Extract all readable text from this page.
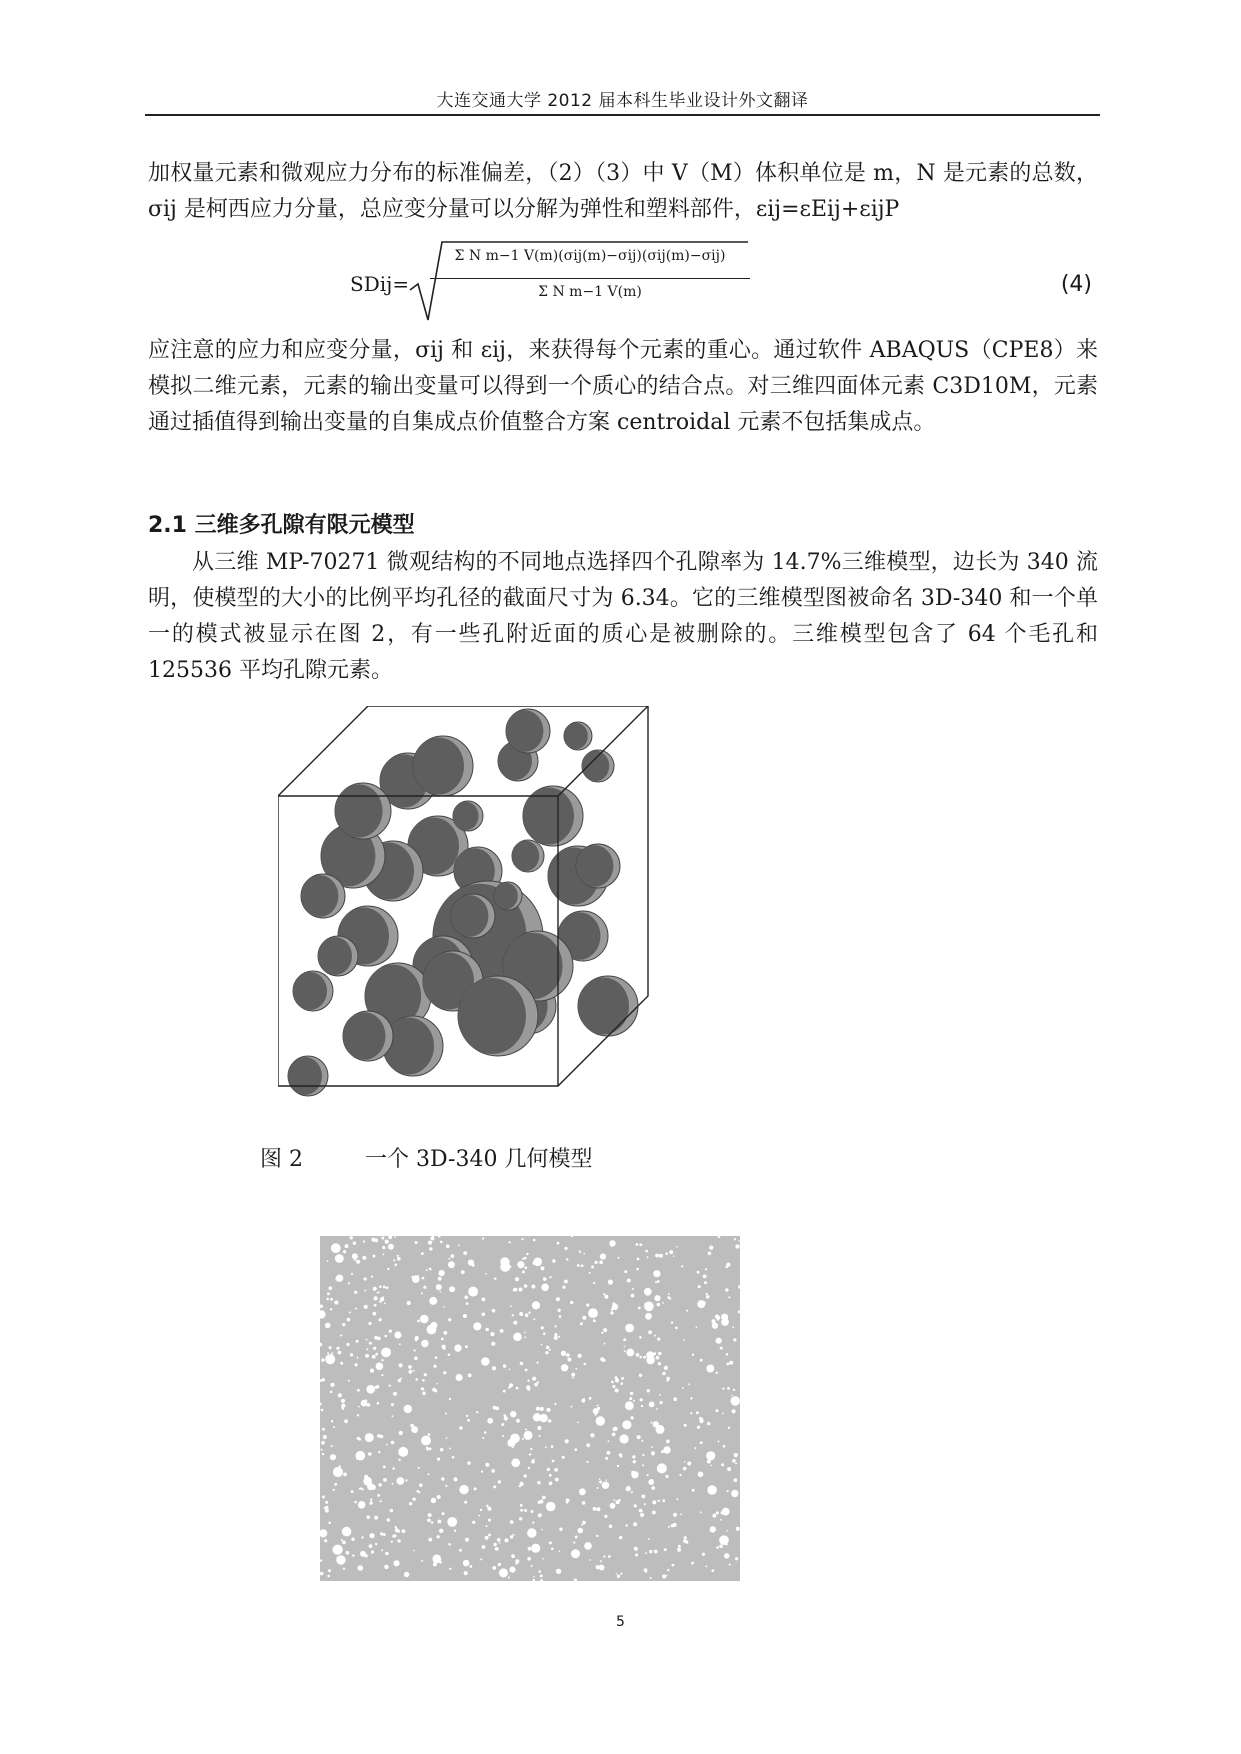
大连交通大学 2012 届本科生毕业设计外文翻译

加权量元素和微观应力分布的标准偏差，（2）（3）中 V（M）体积单位是 m，N 是元素的总数，σij 是柯西应力分量，总应变分量可以分解为弹性和塑料部件，εij=εEij+εijP

SDij=
Σ N m−1 V(m)(σij(m)−σij)(σij(m)−σij)
Σ N m−1 V(m)	(4)

应注意的应力和应变分量，σij 和 εij，来获得每个元素的重心。通过软件 ABAQUS（CPE8）来模拟二维元素，元素的输出变量可以得到一个质心的结合点。对三维四面体元素 C3D10M，元素通过插值得到输出变量的自集成点价值整合方案 centroidal 元素不包括集成点。

2.1 三维多孔隙有限元模型

从三维 MP-70271 微观结构的不同地点选择四个孔隙率为 14.7%三维模型，边长为 340 流明，使模型的大小的比例平均孔径的截面尺寸为 6.34。它的三维模型图被命名 3D-340 和一个单一的模式被显示在图 2，有一些孔附近面的质心是被删除的。三维模型包含了 64 个毛孔和 125536 平均孔隙元素。

图 2	一个 3D-340 几何模型
5
